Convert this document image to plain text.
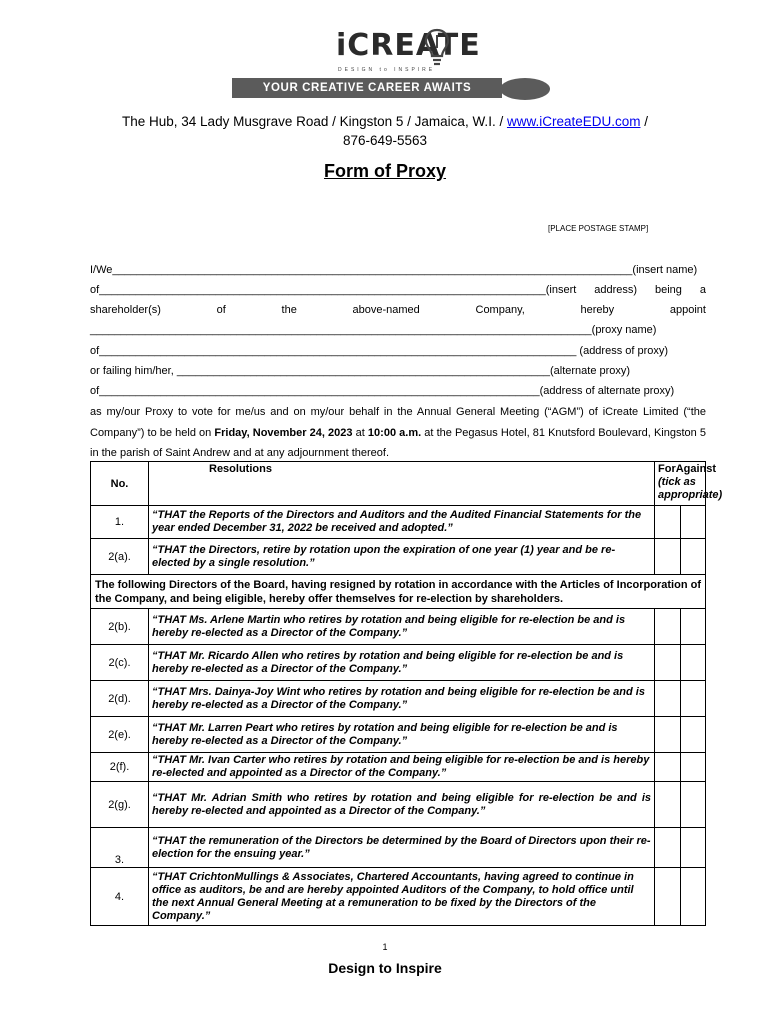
iCREATE
DESIGN to INSPIRE
YOUR CREATIVE CAREER AWAITS
The Hub, 34 Lady Musgrave Road / Kingston 5 / Jamaica, W.I. / www.iCreateEDU.com /
876-649-5563
Form of Proxy
[PLACE POSTAGE STAMP]
I/We_____________________________________________________________________________________(insert name)
of_________________________________________________________________________(insert address) being a
shareholder(s)	of	the	above-named	Company,	hereby	appoint
__________________________________________________________________________________(proxy name)
of______________________________________________________________________________ (address of proxy)
or failing him/her, _____________________________________________________________(alternate proxy)
of________________________________________________________________________(address of alternate proxy)
as my/our Proxy to vote for me/us and on my/our behalf in the Annual General Meeting (“AGM”) of iCreate Limited (“the Company”) to be held on Friday, November 24, 2023 at 10:00 a.m. at the Pegasus Hotel, 81 Knutsford Boulevard, Kingston 5 in the parish of Saint Andrew and at any adjournment thereof.
No.	Resolutions	For Against
(tick as appropriate)	

1.	“THAT the Reports of the Directors and Auditors and the Audited Financial Statements for the year ended December 31, 2022 be received and adopted.”		
2(a).	“THAT the Directors, retire by rotation upon the expiration of one year (1) year and be re-elected by a single resolution.”		
The following Directors of the Board, having resigned by rotation in accordance with the Articles of Incorporation of the Company, and being eligible, hereby offer themselves for re-election by shareholders.			
2(b).	“THAT Ms. Arlene Martin who retires by rotation and being eligible for re-election be and is hereby re-elected as a Director of the Company.”		
2(c).	“THAT Mr. Ricardo Allen who retires by rotation and being eligible for re-election be and is hereby re-elected as a Director of the Company.”		
2(d).	“THAT Mrs. Dainya-Joy Wint who retires by rotation and being eligible for re-election be and is hereby re-elected as a Director of the Company.”		
2(e).	“THAT Mr. Larren Peart who retires by rotation and being eligible for re-election be and is hereby re-elected as a Director of the Company.”		
2(f).	“THAT Mr. Ivan Carter who retires by rotation and being eligible for re-election be and is hereby re-elected and appointed as a Director of the Company.”		
2(g).	“THAT Mr. Adrian Smith who retires by rotation and being eligible for re-election be and is hereby re-elected and appointed as a Director of the Company.”		
3.	“THAT the remuneration of the Directors be determined by the Board of Directors upon their re-election for the ensuing year.”		
4.	“THAT CrichtonMullings & Associates, Chartered Accountants, having agreed to continue in office as auditors, be and are hereby appointed Auditors of the Company, to hold office until the next Annual General Meeting at a remuneration to be fixed by the Directors of the Company.”		
1
Design to Inspire
